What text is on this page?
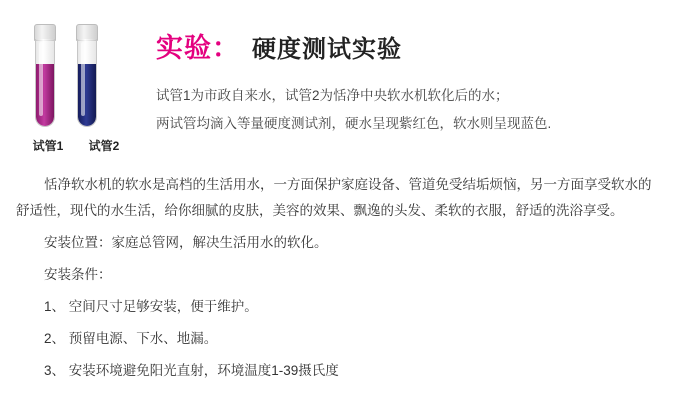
试管1 试管2
实验： 硬度测试实验
试管1为市政自来水，试管2为恬净中央软水机软化后的水；
两试管均滴入等量硬度测试剂，硬水呈现紫红色，软水则呈现蓝色.

恬净软水机的软水是高档的生活用水，一方面保护家庭设备、管道免受结垢烦恼，另一方面享受软水的舒适性，现代的水生活，给你细腻的皮肤，美容的效果、飘逸的头发、柔软的衣服，舒适的洗浴享受。

安装位置：家庭总管网，解决生活用水的软化。

安装条件：

1、 空间尺寸足够安装，便于维护。

2、 预留电源、下水、地漏。

3、 安装环境避免阳光直射，环境温度1-39摄氏度
